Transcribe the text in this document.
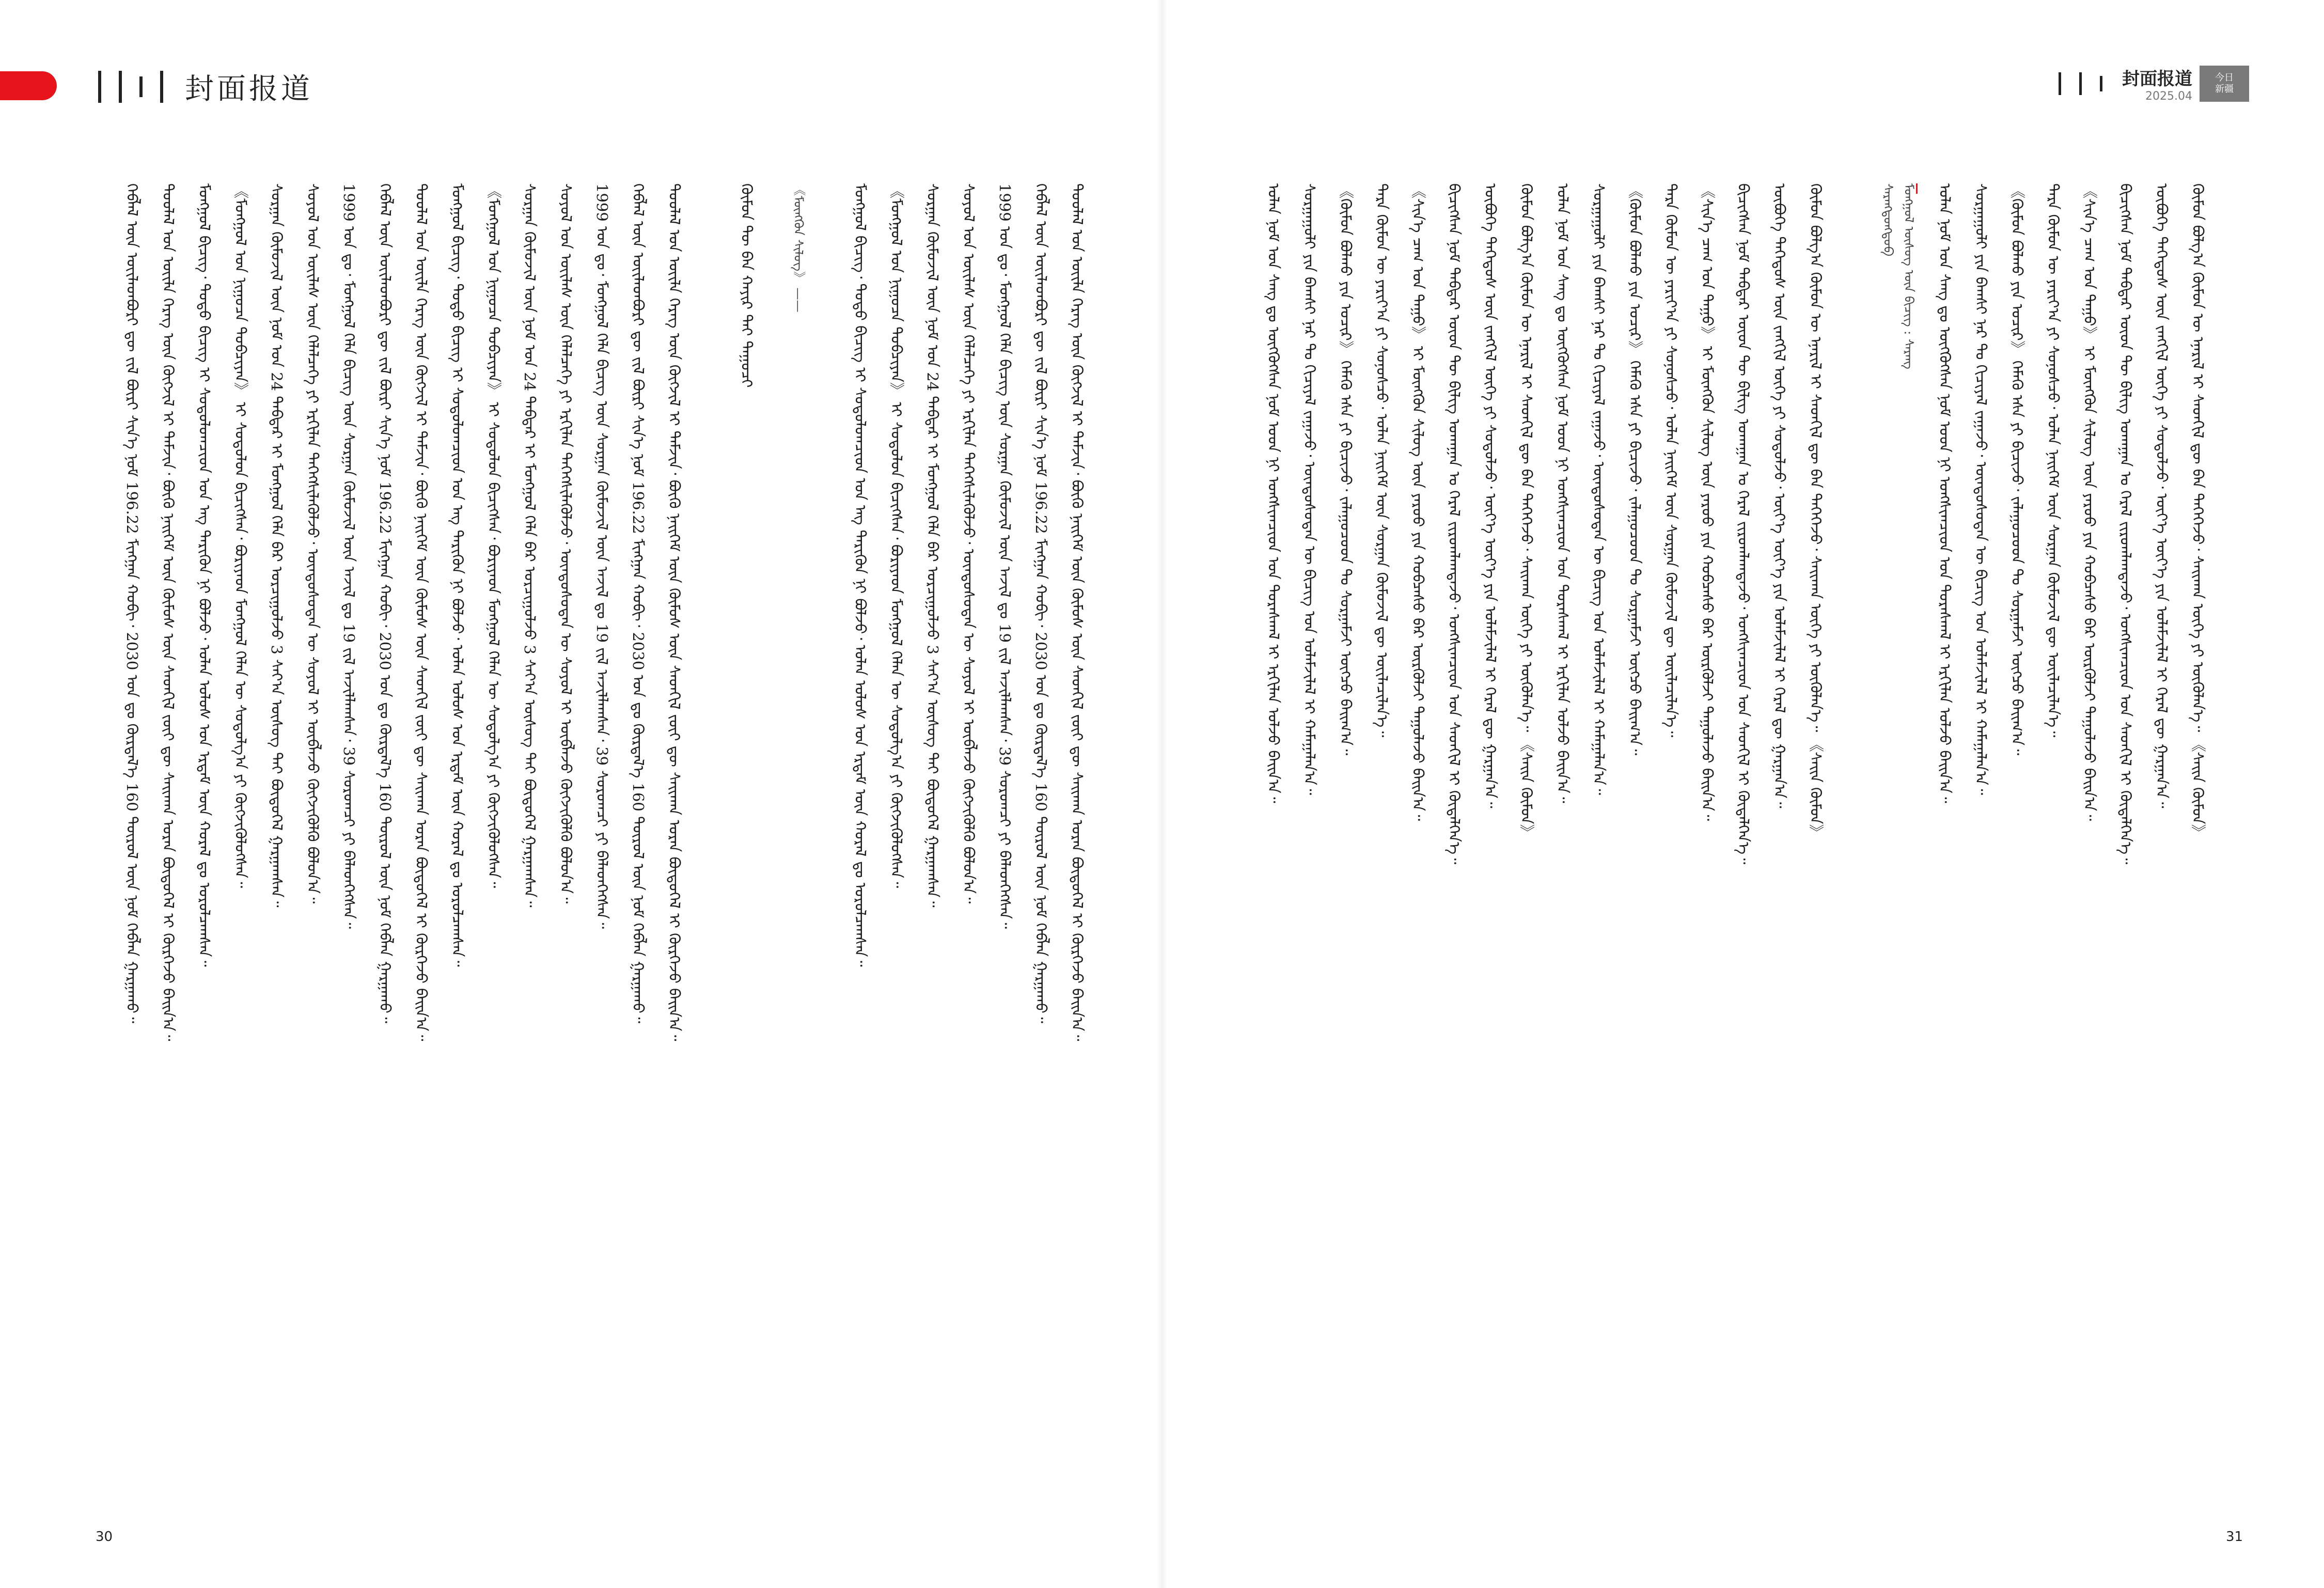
封面报道
ᠳᠤᠤᠯᠠᠯ ᠤᠨ ᠦᠢᠯᠡ ᠬᠡᠷᠡᠭ ᠦᠨ ᠬᠥᠭᠵᠢᠯ ᠢ ᠳᠡᠮᠵᠢᠨ᠂ ᠪᠥᠬᠦ ᠨᠡᠢᠭᠡᠮ ᠦᠨ ᠬᠦᠮᠦᠰ ᠦᠨ ᠰᠡᠳᠬᠢᠯ ᠵᠦᠢ ᠳᠦ ᠰᠠᠢᠬᠠᠨ ᠤᠷᠠᠨ ᠪᠦᠲᠦᠭᠡᠯ ᠢ ᠬᠦᠷᠭᠡᠵᠦ ᠪᠠᠢᠨ᠎ᠠ᠃
ᠬᠡᠪᠯᠡᠯ ᠦᠨ ᠦᠢᠯᠡᠳᠪᠦᠷᠢ ᠳᠦ ᠵᠢᠯ ᠪᠦᠷᠢ ᠰᠢᠨ᠎ᠡ ᠨᠣᠮ 196.22 ᠮᠢᠩᠭ᠋ᠠᠨ ᠬᠤᠪᠢ᠂ 2030 ᠣᠨ ᠳᠤ ᠬᠦᠷᠲᠡᠯ᠎ᠡ 160 ᠲᠥᠷᠥᠯ ᠦᠨ ᠨᠣᠮ ᠬᠡᠪᠯᠡᠨ ᠭᠠᠷᠭᠠᠬᠤ᠃
1999 ᠣᠨ ᠳᠤ᠂ ᠮᠣᠩᠭᠣᠯ ᠬᠡᠯᠡ ᠪᠢᠴᠢᠭ ᠦᠨ ᠰᠤᠷᠭᠠᠨ ᠬᠦᠮᠦᠵᠢᠯ ᠦᠨ ᠠᠵᠢᠯ ᠳᠤ 19 ᠵᠢᠯ ᠠᠵᠢᠯᠯᠠᠭᠰᠠᠨ᠂ 39 ᠰᠤᠷᠤᠭᠴᠢ ᠶᠢ ᠪᠡᠯᠡᠳᠬᠡᠭᠰᠡᠨ᠃
ᠰᠣᠶᠣᠯ ᠤᠨ ᠦᠢᠯᠡᠰ ᠦᠨ ᠬᠡᠯᠡᠯᠴᠡᠭᠡ ᠶᠢ ᠡᠷᠬᠢᠯᠡᠨ ᠳᠡᠭᠡᠭᠰᠢᠯᠡᠭᠦᠯᠵᠦ᠂ ᠦᠨᠳᠦᠰᠦᠲᠡᠨ ᠦ ᠰᠣᠶᠣᠯ ᠢ ᠥᠪᠯᠡᠵᠦ ᠬᠥᠭᠵᠢᠭᠦᠯᠬᠦ ᠪᠣᠯᠤᠨ᠎ᠠ᠃
ᠰᠤᠷᠭᠠᠨ ᠬᠦᠮᠦᠵᠢᠯ ᠦᠨ ᠨᠣᠮ ᠤᠨ 24 ᠳᠡᠪᠲᠡᠷ ᠢ ᠮᠣᠩᠭᠣᠯ ᠬᠡᠯᠡ ᠪᠡᠷ ᠣᠷᠴᠢᠭᠤᠯᠵᠤ 3 ᠰᠠᠶ᠎ᠠ ᠦᠰᠦᠭ ᠲᠡᠢ ᠪᠦᠲᠦᠭᠡᠯ ᠭᠠᠷᠭᠠᠭᠰᠠᠨ᠃
《ᠮᠣᠩᠭᠣᠯ ᠤᠨ ᠨᠢᠭᠤᠴᠠ ᠲᠣᠪᠴᠢᠶᠠᠨ》 ᠢ ᠰᠤᠳᠤᠯᠤᠨ ᠪᠢᠴᠢᠭᠰᠡᠨ᠂ ᠪᠤᠷᠢᠶᠠᠳ ᠮᠣᠩᠭᠣᠯ ᠬᠡᠯᠡᠨ ᠦ ᠰᠤᠳᠤᠯᠭ᠎ᠠ ᠶᠢ ᠬᠥᠭᠵᠢᠭᠦᠯᠦᠭᠰᠡᠨ᠃
ᠮᠣᠩᠭᠣᠯ ᠪᠢᠴᠢᠭ᠂ ᠲᠣᠳᠣ ᠪᠢᠴᠢᠭ ᠢ ᠰᠤᠳᠤᠯᠤᠭᠴᠢᠳ ᠤᠨ ᠡᠩ ᠲᠡᠷᠢᠭᠦᠨ ᠨᠢ ᠪᠣᠯᠵᠤ᠂ ᠣᠯᠠᠨ ᠤᠯᠤᠰ ᠤᠨ ᠡᠷᠳᠡᠮ ᠦᠨ ᠬᠤᠷᠠᠯ ᠳᠤ ᠣᠷᠣᠯᠴᠠᠭᠰᠠᠨ᠃
《ᠮᠥᠩᠭᠦᠨ ᠰᠢᠯᠦᠭ》 ——
ᠬᠦᠮᠦᠨ ᠲᠦ ᠪᠡᠨ ᠬᠠᠶᠢᠷ ᠲᠠᠢ ᠳᠠᠭᠤᠴᠢ
ᠳᠤᠤᠯᠠᠯ ᠤᠨ ᠦᠢᠯᠡ ᠬᠡᠷᠡᠭ ᠦᠨ ᠬᠥᠭᠵᠢᠯ ᠢ ᠳᠡᠮᠵᠢᠨ᠂ ᠪᠥᠬᠦ ᠨᠡᠢᠭᠡᠮ ᠦᠨ ᠬᠦᠮᠦᠰ ᠦᠨ ᠰᠡᠳᠬᠢᠯ ᠵᠦᠢ ᠳᠦ ᠰᠠᠢᠬᠠᠨ ᠤᠷᠠᠨ ᠪᠦᠲᠦᠭᠡᠯ ᠢ ᠬᠦᠷᠭᠡᠵᠦ ᠪᠠᠢᠨ᠎ᠠ᠃
ᠬᠡᠪᠯᠡᠯ ᠦᠨ ᠦᠢᠯᠡᠳᠪᠦᠷᠢ ᠳᠦ ᠵᠢᠯ ᠪᠦᠷᠢ ᠰᠢᠨ᠎ᠡ ᠨᠣᠮ 196.22 ᠮᠢᠩᠭ᠋ᠠᠨ ᠬᠤᠪᠢ᠂ 2030 ᠣᠨ ᠳᠤ ᠬᠦᠷᠲᠡᠯ᠎ᠡ 160 ᠲᠥᠷᠥᠯ ᠦᠨ ᠨᠣᠮ ᠬᠡᠪᠯᠡᠨ ᠭᠠᠷᠭᠠᠬᠤ᠃
1999 ᠣᠨ ᠳᠤ᠂ ᠮᠣᠩᠭᠣᠯ ᠬᠡᠯᠡ ᠪᠢᠴᠢᠭ ᠦᠨ ᠰᠤᠷᠭᠠᠨ ᠬᠦᠮᠦᠵᠢᠯ ᠦᠨ ᠠᠵᠢᠯ ᠳᠤ 19 ᠵᠢᠯ ᠠᠵᠢᠯᠯᠠᠭᠰᠠᠨ᠂ 39 ᠰᠤᠷᠤᠭᠴᠢ ᠶᠢ ᠪᠡᠯᠡᠳᠬᠡᠭᠰᠡᠨ᠃
ᠰᠣᠶᠣᠯ ᠤᠨ ᠦᠢᠯᠡᠰ ᠦᠨ ᠬᠡᠯᠡᠯᠴᠡᠭᠡ ᠶᠢ ᠡᠷᠬᠢᠯᠡᠨ ᠳᠡᠭᠡᠭᠰᠢᠯᠡᠭᠦᠯᠵᠦ᠂ ᠦᠨᠳᠦᠰᠦᠲᠡᠨ ᠦ ᠰᠣᠶᠣᠯ ᠢ ᠥᠪᠯᠡᠵᠦ ᠬᠥᠭᠵᠢᠭᠦᠯᠬᠦ ᠪᠣᠯᠤᠨ᠎ᠠ᠃
ᠰᠤᠷᠭᠠᠨ ᠬᠦᠮᠦᠵᠢᠯ ᠦᠨ ᠨᠣᠮ ᠤᠨ 24 ᠳᠡᠪᠲᠡᠷ ᠢ ᠮᠣᠩᠭᠣᠯ ᠬᠡᠯᠡ ᠪᠡᠷ ᠣᠷᠴᠢᠭᠤᠯᠵᠤ 3 ᠰᠠᠶ᠎ᠠ ᠦᠰᠦᠭ ᠲᠡᠢ ᠪᠦᠲᠦᠭᠡᠯ ᠭᠠᠷᠭᠠᠭᠰᠠᠨ᠃
《ᠮᠣᠩᠭᠣᠯ ᠤᠨ ᠨᠢᠭᠤᠴᠠ ᠲᠣᠪᠴᠢᠶᠠᠨ》 ᠢ ᠰᠤᠳᠤᠯᠤᠨ ᠪᠢᠴᠢᠭᠰᠡᠨ᠂ ᠪᠤᠷᠢᠶᠠᠳ ᠮᠣᠩᠭᠣᠯ ᠬᠡᠯᠡᠨ ᠦ ᠰᠤᠳᠤᠯᠭ᠎ᠠ ᠶᠢ ᠬᠥᠭᠵᠢᠭᠦᠯᠦᠭᠰᠡᠨ᠃
ᠮᠣᠩᠭᠣᠯ ᠪᠢᠴᠢᠭ᠂ ᠲᠣᠳᠣ ᠪᠢᠴᠢᠭ ᠢ ᠰᠤᠳᠤᠯᠤᠭᠴᠢᠳ ᠤᠨ ᠡᠩ ᠲᠡᠷᠢᠭᠦᠨ ᠨᠢ ᠪᠣᠯᠵᠤ᠂ ᠣᠯᠠᠨ ᠤᠯᠤᠰ ᠤᠨ ᠡᠷᠳᠡᠮ ᠦᠨ ᠬᠤᠷᠠᠯ ᠳᠤ ᠣᠷᠣᠯᠴᠠᠭᠰᠠᠨ᠃
ᠳᠤᠤᠯᠠᠯ ᠤᠨ ᠦᠢᠯᠡ ᠬᠡᠷᠡᠭ ᠦᠨ ᠬᠥᠭᠵᠢᠯ ᠢ ᠳᠡᠮᠵᠢᠨ᠂ ᠪᠥᠬᠦ ᠨᠡᠢᠭᠡᠮ ᠦᠨ ᠬᠦᠮᠦᠰ ᠦᠨ ᠰᠡᠳᠬᠢᠯ ᠵᠦᠢ ᠳᠦ ᠰᠠᠢᠬᠠᠨ ᠤᠷᠠᠨ ᠪᠦᠲᠦᠭᠡᠯ ᠢ ᠬᠦᠷᠭᠡᠵᠦ ᠪᠠᠢᠨ᠎ᠠ᠃
ᠬᠡᠪᠯᠡᠯ ᠦᠨ ᠦᠢᠯᠡᠳᠪᠦᠷᠢ ᠳᠦ ᠵᠢᠯ ᠪᠦᠷᠢ ᠰᠢᠨ᠎ᠡ ᠨᠣᠮ 196.22 ᠮᠢᠩᠭ᠋ᠠᠨ ᠬᠤᠪᠢ᠂ 2030 ᠣᠨ ᠳᠤ ᠬᠦᠷᠲᠡᠯ᠎ᠡ 160 ᠲᠥᠷᠥᠯ ᠦᠨ ᠨᠣᠮ ᠬᠡᠪᠯᠡᠨ ᠭᠠᠷᠭᠠᠬᠤ᠃
1999 ᠣᠨ ᠳᠤ᠂ ᠮᠣᠩᠭᠣᠯ ᠬᠡᠯᠡ ᠪᠢᠴᠢᠭ ᠦᠨ ᠰᠤᠷᠭᠠᠨ ᠬᠦᠮᠦᠵᠢᠯ ᠦᠨ ᠠᠵᠢᠯ ᠳᠤ 19 ᠵᠢᠯ ᠠᠵᠢᠯᠯᠠᠭᠰᠠᠨ᠂ 39 ᠰᠤᠷᠤᠭᠴᠢ ᠶᠢ ᠪᠡᠯᠡᠳᠬᠡᠭᠰᠡᠨ᠃
ᠰᠣᠶᠣᠯ ᠤᠨ ᠦᠢᠯᠡᠰ ᠦᠨ ᠬᠡᠯᠡᠯᠴᠡᠭᠡ ᠶᠢ ᠡᠷᠬᠢᠯᠡᠨ ᠳᠡᠭᠡᠭᠰᠢᠯᠡᠭᠦᠯᠵᠦ᠂ ᠦᠨᠳᠦᠰᠦᠲᠡᠨ ᠦ ᠰᠣᠶᠣᠯ ᠢ ᠥᠪᠯᠡᠵᠦ ᠬᠥᠭᠵᠢᠭᠦᠯᠬᠦ ᠪᠣᠯᠤᠨ᠎ᠠ᠃
ᠰᠤᠷᠭᠠᠨ ᠬᠦᠮᠦᠵᠢᠯ ᠦᠨ ᠨᠣᠮ ᠤᠨ 24 ᠳᠡᠪᠲᠡᠷ ᠢ ᠮᠣᠩᠭᠣᠯ ᠬᠡᠯᠡ ᠪᠡᠷ ᠣᠷᠴᠢᠭᠤᠯᠵᠤ 3 ᠰᠠᠶ᠎ᠠ ᠦᠰᠦᠭ ᠲᠡᠢ ᠪᠦᠲᠦᠭᠡᠯ ᠭᠠᠷᠭᠠᠭᠰᠠᠨ᠃
《ᠮᠣᠩᠭᠣᠯ ᠤᠨ ᠨᠢᠭᠤᠴᠠ ᠲᠣᠪᠴᠢᠶᠠᠨ》 ᠢ ᠰᠤᠳᠤᠯᠤᠨ ᠪᠢᠴᠢᠭᠰᠡᠨ᠂ ᠪᠤᠷᠢᠶᠠᠳ ᠮᠣᠩᠭᠣᠯ ᠬᠡᠯᠡᠨ ᠦ ᠰᠤᠳᠤᠯᠭ᠎ᠠ ᠶᠢ ᠬᠥᠭᠵᠢᠭᠦᠯᠦᠭᠰᠡᠨ᠃
ᠮᠣᠩᠭᠣᠯ ᠪᠢᠴᠢᠭ᠂ ᠲᠣᠳᠣ ᠪᠢᠴᠢᠭ ᠢ ᠰᠤᠳᠤᠯᠤᠭᠴᠢᠳ ᠤᠨ ᠡᠩ ᠲᠡᠷᠢᠭᠦᠨ ᠨᠢ ᠪᠣᠯᠵᠤ᠂ ᠣᠯᠠᠨ ᠤᠯᠤᠰ ᠤᠨ ᠡᠷᠳᠡᠮ ᠦᠨ ᠬᠤᠷᠠᠯ ᠳᠤ ᠣᠷᠣᠯᠴᠠᠭᠰᠠᠨ᠃
ᠳᠤᠤᠯᠠᠯ ᠤᠨ ᠦᠢᠯᠡ ᠬᠡᠷᠡᠭ ᠦᠨ ᠬᠥᠭᠵᠢᠯ ᠢ ᠳᠡᠮᠵᠢᠨ᠂ ᠪᠥᠬᠦ ᠨᠡᠢᠭᠡᠮ ᠦᠨ ᠬᠦᠮᠦᠰ ᠦᠨ ᠰᠡᠳᠬᠢᠯ ᠵᠦᠢ ᠳᠦ ᠰᠠᠢᠬᠠᠨ ᠤᠷᠠᠨ ᠪᠦᠲᠦᠭᠡᠯ ᠢ ᠬᠦᠷᠭᠡᠵᠦ ᠪᠠᠢᠨ᠎ᠠ᠃
ᠬᠡᠪᠯᠡᠯ ᠦᠨ ᠦᠢᠯᠡᠳᠪᠦᠷᠢ ᠳᠦ ᠵᠢᠯ ᠪᠦᠷᠢ ᠰᠢᠨ᠎ᠡ ᠨᠣᠮ 196.22 ᠮᠢᠩᠭ᠋ᠠᠨ ᠬᠤᠪᠢ᠂ 2030 ᠣᠨ ᠳᠤ ᠬᠦᠷᠲᠡᠯ᠎ᠡ 160 ᠲᠥᠷᠥᠯ ᠦᠨ ᠨᠣᠮ ᠬᠡᠪᠯᠡᠨ ᠭᠠᠷᠭᠠᠬᠤ᠃
30
封面报道
2025.04
今日
新疆
ᠬᠦᠮᠦᠨ ᠪᠣᠯᠭ᠎ᠠ ᠬᠦᠮᠦᠨ ᠦ ᠡᠨᠡᠷᠢᠯ ᠢ ᠰᠡᠳᠬᠢᠯ ᠳᠦ ᠪᠡᠨ ᠲᠡᠭᠡᠭᠡᠵᠦ᠂ ᠰᠠᠢᠬᠠᠨ ᠦᠭᠡ ᠶᠢ ᠦᠭᠦᠯᠡᠨ᠎ᠡ᠃ 《ᠰᠠᠢᠨ ᠬᠦᠮᠦᠨ》
ᠥᠪᠦᠭᠡ ᠳᠡᠭᠡᠳᠦᠰ ᠦᠨ ᠵᠠᠩᠭᠢᠯ ᠦᠭᠡ ᠶᠢ ᠰᠤᠳᠤᠯᠵᠤ᠂ ᠦᠶ᠎ᠡ ᠦᠶ᠎ᠡ ᠶᠢᠨ ᠤᠯᠠᠮᠵᠢᠯᠠᠯ ᠢ ᠭᠡᠷᠡᠯ ᠳᠦ ᠭᠠᠷᠭᠠᠨ᠎ᠠ᠃
ᠪᠢᠴᠢᠭᠰᠡᠨ ᠨᠣᠮ ᠳᠡᠪᠲᠡᠷ ᠦᠳ ᠲᠦ ᠪᠢᠯᠢᠭ ᠤᠬᠠᠭᠠᠨ ᠤ ᠭᠡᠷᠡᠯ ᠵᠢᠷᠤᠭᠯᠠᠭᠳᠠᠵᠤ᠂ ᠤᠩᠰᠢᠭᠴᠢᠳ ᠤᠨ ᠰᠡᠳᠬᠢᠯ ᠢ ᠬᠥᠳᠡᠯᠭᠡᠨ᠎ᠡ᠃
《ᠰᠢᠨ᠎ᠡ ᠴᠠᠭ ᠤᠨ ᠳᠠᠭᠤ》 ᠢ ᠮᠥᠩᠭᠦᠨ ᠰᠢᠯᠦᠭ ᠦᠨ ᠶᠠᠷᠤᠤ ᠶᠢᠨ ᠬᠤᠪᠴᠠᠰᠤ ᠪᠡᠷ ᠦᠷᠭᠦᠯᠵᠢ ᠳᠠᠭᠤᠯᠠᠵᠤ ᠪᠠᠢᠨ᠎ᠠ᠃
ᠲᠡᠷᠡ ᠬᠦᠮᠦᠨ ᠦ ᠶᠠᠷᠢᠶ᠎ᠠ ᠶᠢ ᠰᠣᠨᠣᠰᠴᠤ᠂ ᠤᠯᠠᠨ ᠨᠡᠢᠭᠡᠮ ᠦᠨ ᠰᠤᠷᠭᠠᠨ ᠬᠦᠮᠦᠵᠢᠯ ᠳᠦ ᠦᠢᠯᠡᠴᠢᠯᠡᠨ᠎ᠡ᠃
《ᠬᠦᠮᠦᠨ ᠪᠣᠯᠬᠤ ᠶᠢᠨ ᠤᠴᠢᠷ》 ᠬᠡᠮᠡᠬᠦ ᠡᠰᠡ ᠶᠢ ᠪᠢᠴᠢᠵᠦ᠂ ᠵᠠᠯᠠᠭᠤᠴᠤᠳ ᠲᠤ ᠰᠤᠷᠭᠠᠮᠵᠢ ᠥᠭᠴᠦ ᠪᠠᠢᠭ᠎ᠠ᠃
ᠰᠤᠷᠭᠠᠭᠤᠯᠢ ᠶᠢᠨ ᠪᠠᠭᠰᠢ ᠨᠠᠷ ᠲᠤ ᠬᠢᠴᠢᠶᠡᠯ ᠵᠠᠭᠠᠵᠤ᠂ ᠦᠨᠳᠦᠰᠦᠲᠡᠨ ᠦ ᠪᠢᠴᠢᠭ ᠤᠨ ᠤᠯᠠᠮᠵᠢᠯᠠᠯ ᠢ ᠬᠠᠮᠠᠭᠠᠯᠠᠨ᠎ᠠ᠃
ᠣᠯᠠᠨ ᠨᠣᠮ ᠤᠨ ᠰᠠᠩ ᠳᠤ ᠥᠭᠭᠦᠭᠰᠡᠨ ᠨᠣᠮ ᠤᠳ ᠨᠢ ᠤᠩᠰᠢᠭᠴᠢᠳ ᠤᠨ ᠳᠤᠷᠠᠰᠬᠠᠯ ᠢ ᠡᠷᠬᠢᠯᠡᠨ ᠣᠯᠵᠤ ᠪᠠᠢᠨ᠎ᠠ᠃
ᠮᠣᠩᠭᠣᠯ ᠦᠰᠦᠭ ᠦᠨ ᠪᠢᠴᠢᠭ᠌ : ᠰᠡᠷᠡᠩ
ᠰᠡᠷᠡᠩᠳᠤᠩᠳᠤᠪ
ᠬᠦᠮᠦᠨ ᠪᠣᠯᠭ᠎ᠠ ᠬᠦᠮᠦᠨ ᠦ ᠡᠨᠡᠷᠢᠯ ᠢ ᠰᠡᠳᠬᠢᠯ ᠳᠦ ᠪᠡᠨ ᠲᠡᠭᠡᠭᠡᠵᠦ᠂ ᠰᠠᠢᠬᠠᠨ ᠦᠭᠡ ᠶᠢ ᠦᠭᠦᠯᠡᠨ᠎ᠡ᠃ 《ᠰᠠᠢᠨ ᠬᠦᠮᠦᠨ》
ᠥᠪᠦᠭᠡ ᠳᠡᠭᠡᠳᠦᠰ ᠦᠨ ᠵᠠᠩᠭᠢᠯ ᠦᠭᠡ ᠶᠢ ᠰᠤᠳᠤᠯᠵᠤ᠂ ᠦᠶ᠎ᠡ ᠦᠶ᠎ᠡ ᠶᠢᠨ ᠤᠯᠠᠮᠵᠢᠯᠠᠯ ᠢ ᠭᠡᠷᠡᠯ ᠳᠦ ᠭᠠᠷᠭᠠᠨ᠎ᠠ᠃
ᠪᠢᠴᠢᠭᠰᠡᠨ ᠨᠣᠮ ᠳᠡᠪᠲᠡᠷ ᠦᠳ ᠲᠦ ᠪᠢᠯᠢᠭ ᠤᠬᠠᠭᠠᠨ ᠤ ᠭᠡᠷᠡᠯ ᠵᠢᠷᠤᠭᠯᠠᠭᠳᠠᠵᠤ᠂ ᠤᠩᠰᠢᠭᠴᠢᠳ ᠤᠨ ᠰᠡᠳᠬᠢᠯ ᠢ ᠬᠥᠳᠡᠯᠭᠡᠨ᠎ᠡ᠃
《ᠰᠢᠨ᠎ᠡ ᠴᠠᠭ ᠤᠨ ᠳᠠᠭᠤ》 ᠢ ᠮᠥᠩᠭᠦᠨ ᠰᠢᠯᠦᠭ ᠦᠨ ᠶᠠᠷᠤᠤ ᠶᠢᠨ ᠬᠤᠪᠴᠠᠰᠤ ᠪᠡᠷ ᠦᠷᠭᠦᠯᠵᠢ ᠳᠠᠭᠤᠯᠠᠵᠤ ᠪᠠᠢᠨ᠎ᠠ᠃
ᠲᠡᠷᠡ ᠬᠦᠮᠦᠨ ᠦ ᠶᠠᠷᠢᠶ᠎ᠠ ᠶᠢ ᠰᠣᠨᠣᠰᠴᠤ᠂ ᠤᠯᠠᠨ ᠨᠡᠢᠭᠡᠮ ᠦᠨ ᠰᠤᠷᠭᠠᠨ ᠬᠦᠮᠦᠵᠢᠯ ᠳᠦ ᠦᠢᠯᠡᠴᠢᠯᠡᠨ᠎ᠡ᠃
《ᠬᠦᠮᠦᠨ ᠪᠣᠯᠬᠤ ᠶᠢᠨ ᠤᠴᠢᠷ》 ᠬᠡᠮᠡᠬᠦ ᠡᠰᠡ ᠶᠢ ᠪᠢᠴᠢᠵᠦ᠂ ᠵᠠᠯᠠᠭᠤᠴᠤᠳ ᠲᠤ ᠰᠤᠷᠭᠠᠮᠵᠢ ᠥᠭᠴᠦ ᠪᠠᠢᠭ᠎ᠠ᠃
ᠰᠤᠷᠭᠠᠭᠤᠯᠢ ᠶᠢᠨ ᠪᠠᠭᠰᠢ ᠨᠠᠷ ᠲᠤ ᠬᠢᠴᠢᠶᠡᠯ ᠵᠠᠭᠠᠵᠤ᠂ ᠦᠨᠳᠦᠰᠦᠲᠡᠨ ᠦ ᠪᠢᠴᠢᠭ ᠤᠨ ᠤᠯᠠᠮᠵᠢᠯᠠᠯ ᠢ ᠬᠠᠮᠠᠭᠠᠯᠠᠨ᠎ᠠ᠃
ᠣᠯᠠᠨ ᠨᠣᠮ ᠤᠨ ᠰᠠᠩ ᠳᠤ ᠥᠭᠭᠦᠭᠰᠡᠨ ᠨᠣᠮ ᠤᠳ ᠨᠢ ᠤᠩᠰᠢᠭᠴᠢᠳ ᠤᠨ ᠳᠤᠷᠠᠰᠬᠠᠯ ᠢ ᠡᠷᠬᠢᠯᠡᠨ ᠣᠯᠵᠤ ᠪᠠᠢᠨ᠎ᠠ᠃
ᠬᠦᠮᠦᠨ ᠪᠣᠯᠭ᠎ᠠ ᠬᠦᠮᠦᠨ ᠦ ᠡᠨᠡᠷᠢᠯ ᠢ ᠰᠡᠳᠬᠢᠯ ᠳᠦ ᠪᠡᠨ ᠲᠡᠭᠡᠭᠡᠵᠦ᠂ ᠰᠠᠢᠬᠠᠨ ᠦᠭᠡ ᠶᠢ ᠦᠭᠦᠯᠡᠨ᠎ᠡ᠃ 《ᠰᠠᠢᠨ ᠬᠦᠮᠦᠨ》
ᠥᠪᠦᠭᠡ ᠳᠡᠭᠡᠳᠦᠰ ᠦᠨ ᠵᠠᠩᠭᠢᠯ ᠦᠭᠡ ᠶᠢ ᠰᠤᠳᠤᠯᠵᠤ᠂ ᠦᠶ᠎ᠡ ᠦᠶ᠎ᠡ ᠶᠢᠨ ᠤᠯᠠᠮᠵᠢᠯᠠᠯ ᠢ ᠭᠡᠷᠡᠯ ᠳᠦ ᠭᠠᠷᠭᠠᠨ᠎ᠠ᠃
ᠪᠢᠴᠢᠭᠰᠡᠨ ᠨᠣᠮ ᠳᠡᠪᠲᠡᠷ ᠦᠳ ᠲᠦ ᠪᠢᠯᠢᠭ ᠤᠬᠠᠭᠠᠨ ᠤ ᠭᠡᠷᠡᠯ ᠵᠢᠷᠤᠭᠯᠠᠭᠳᠠᠵᠤ᠂ ᠤᠩᠰᠢᠭᠴᠢᠳ ᠤᠨ ᠰᠡᠳᠬᠢᠯ ᠢ ᠬᠥᠳᠡᠯᠭᠡᠨ᠎ᠡ᠃
《ᠰᠢᠨ᠎ᠡ ᠴᠠᠭ ᠤᠨ ᠳᠠᠭᠤ》 ᠢ ᠮᠥᠩᠭᠦᠨ ᠰᠢᠯᠦᠭ ᠦᠨ ᠶᠠᠷᠤᠤ ᠶᠢᠨ ᠬᠤᠪᠴᠠᠰᠤ ᠪᠡᠷ ᠦᠷᠭᠦᠯᠵᠢ ᠳᠠᠭᠤᠯᠠᠵᠤ ᠪᠠᠢᠨ᠎ᠠ᠃
ᠲᠡᠷᠡ ᠬᠦᠮᠦᠨ ᠦ ᠶᠠᠷᠢᠶ᠎ᠠ ᠶᠢ ᠰᠣᠨᠣᠰᠴᠤ᠂ ᠤᠯᠠᠨ ᠨᠡᠢᠭᠡᠮ ᠦᠨ ᠰᠤᠷᠭᠠᠨ ᠬᠦᠮᠦᠵᠢᠯ ᠳᠦ ᠦᠢᠯᠡᠴᠢᠯᠡᠨ᠎ᠡ᠃
《ᠬᠦᠮᠦᠨ ᠪᠣᠯᠬᠤ ᠶᠢᠨ ᠤᠴᠢᠷ》 ᠬᠡᠮᠡᠬᠦ ᠡᠰᠡ ᠶᠢ ᠪᠢᠴᠢᠵᠦ᠂ ᠵᠠᠯᠠᠭᠤᠴᠤᠳ ᠲᠤ ᠰᠤᠷᠭᠠᠮᠵᠢ ᠥᠭᠴᠦ ᠪᠠᠢᠭ᠎ᠠ᠃
ᠰᠤᠷᠭᠠᠭᠤᠯᠢ ᠶᠢᠨ ᠪᠠᠭᠰᠢ ᠨᠠᠷ ᠲᠤ ᠬᠢᠴᠢᠶᠡᠯ ᠵᠠᠭᠠᠵᠤ᠂ ᠦᠨᠳᠦᠰᠦᠲᠡᠨ ᠦ ᠪᠢᠴᠢᠭ ᠤᠨ ᠤᠯᠠᠮᠵᠢᠯᠠᠯ ᠢ ᠬᠠᠮᠠᠭᠠᠯᠠᠨ᠎ᠠ᠃
ᠣᠯᠠᠨ ᠨᠣᠮ ᠤᠨ ᠰᠠᠩ ᠳᠤ ᠥᠭᠭᠦᠭᠰᠡᠨ ᠨᠣᠮ ᠤᠳ ᠨᠢ ᠤᠩᠰᠢᠭᠴᠢᠳ ᠤᠨ ᠳᠤᠷᠠᠰᠬᠠᠯ ᠢ ᠡᠷᠬᠢᠯᠡᠨ ᠣᠯᠵᠤ ᠪᠠᠢᠨ᠎ᠠ᠃
31
